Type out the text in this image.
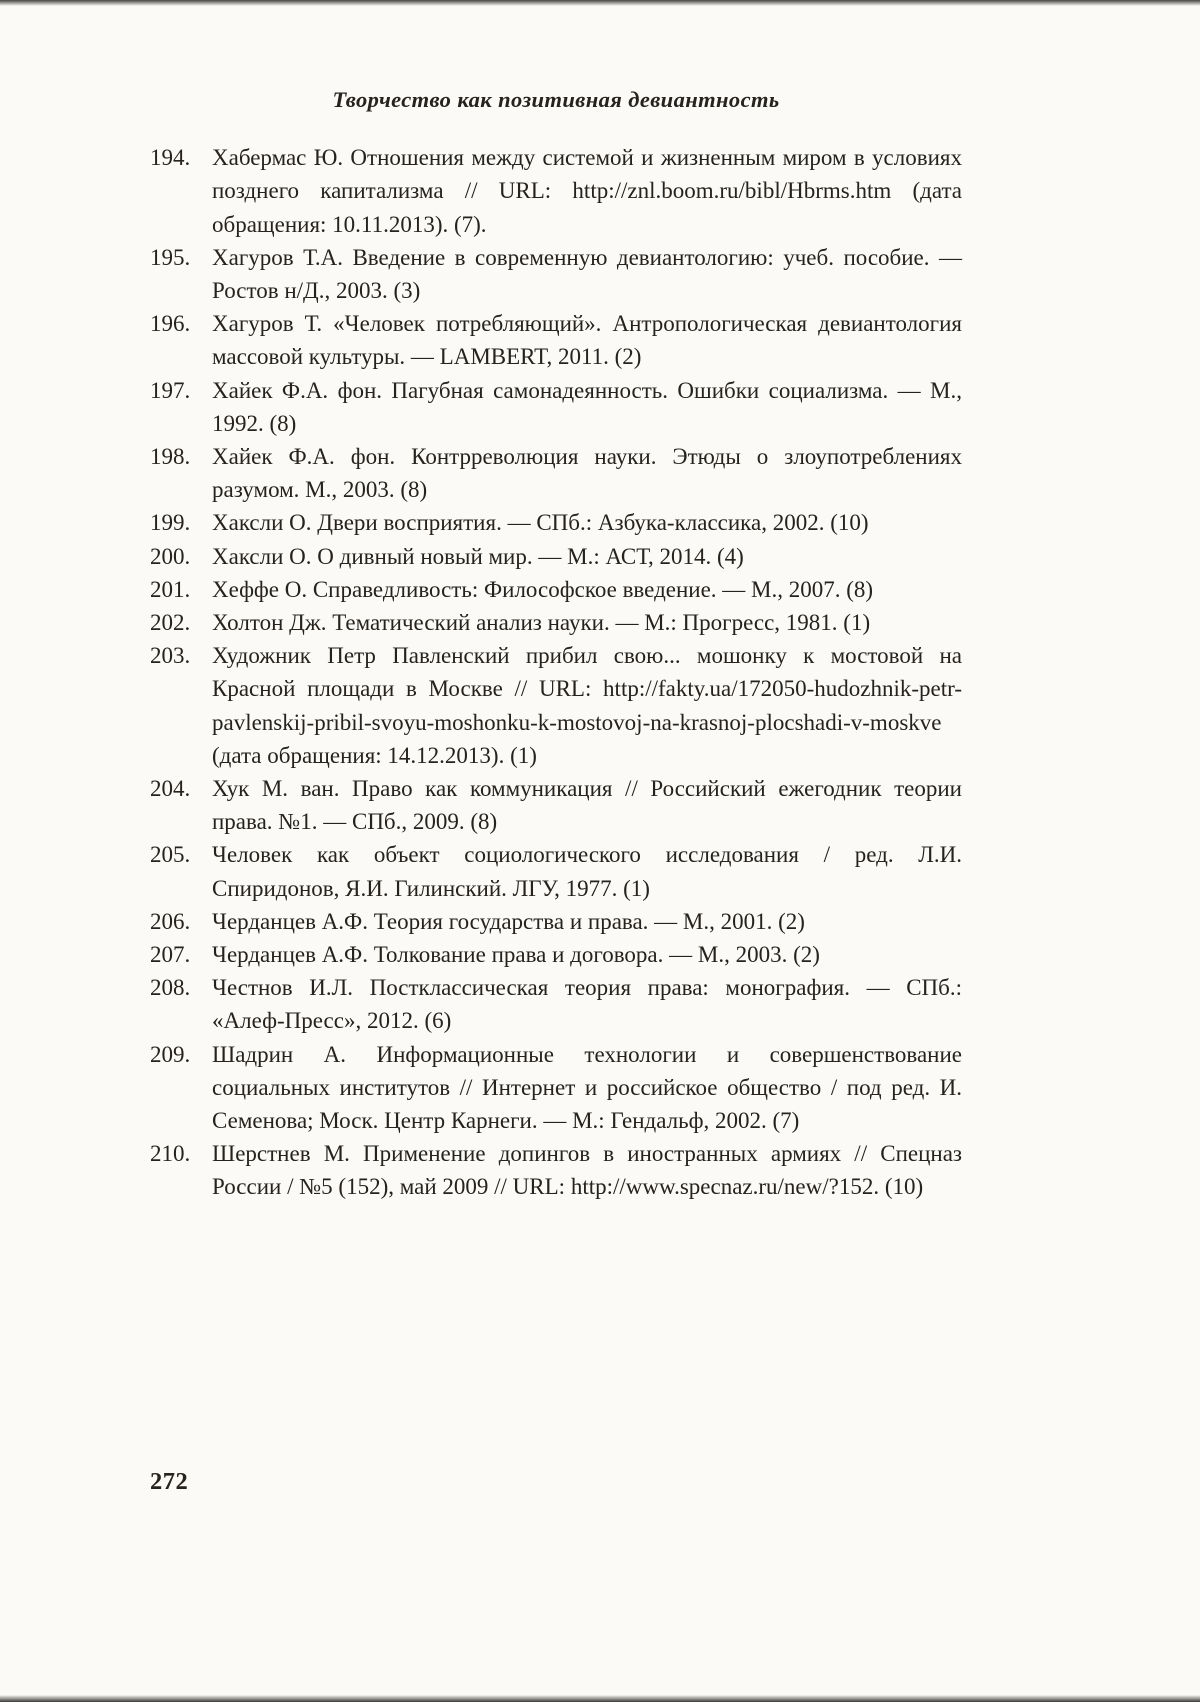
Творчество как позитивная девиантность
194. Хабермас Ю. Отношения между системой и жизненным миром в условиях позднего капитализма // URL: http://znl.boom.ru/bibl/Hbrms.htm (дата обращения: 10.11.2013). (7).
195. Хагуров Т.А. Введение в современную девиантологию: учеб. пособие. — Ростов н/Д., 2003. (3)
196. Хагуров Т. «Человек потребляющий». Антропологическая девиантология массовой культуры. — LAMBERT, 2011. (2)
197. Хайек Ф.А. фон. Пагубная самонадеянность. Ошибки социализма. — М., 1992. (8)
198. Хайек Ф.А. фон. Контрреволюция науки. Этюды о злоупотреблениях разумом. М., 2003. (8)
199. Хаксли О. Двери восприятия. — СПб.: Азбука-классика, 2002. (10)
200. Хаксли О. О дивный новый мир. — М.: АСТ, 2014. (4)
201. Хеффе О. Справедливость: Философское введение. — М., 2007. (8)
202. Холтон Дж. Тематический анализ науки. — М.: Прогресс, 1981. (1)
203. Художник Петр Павленский прибил свою... мошонку к мостовой на Красной площади в Москве // URL: http://fakty.ua/172050-hudozhnik-petr-pavlenskij-pribil-svoyu-moshonku-k-mostovoj-na-krasnoj-plocshadi-v-moskve (дата обращения: 14.12.2013). (1)
204. Хук М. ван. Право как коммуникация // Российский ежегодник теории права. №1. — СПб., 2009. (8)
205. Человек как объект социологического исследования / ред. Л.И. Спиридонов, Я.И. Гилинский. ЛГУ, 1977. (1)
206. Черданцев А.Ф. Теория государства и права. — М., 2001. (2)
207. Черданцев А.Ф. Толкование права и договора. — М., 2003. (2)
208. Честнов И.Л. Постклассическая теория права: монография. — СПб.: «Алеф-Пресс», 2012. (6)
209. Шадрин А. Информационные технологии и совершенствование социальных институтов // Интернет и российское общество / под ред. И. Семенова; Моск. Центр Карнеги. — М.: Гендальф, 2002. (7)
210. Шерстнев М. Применение допингов в иностранных армиях // Спецназ России / №5 (152), май 2009 // URL: http://www.specnaz.ru/new/?152. (10)
272
